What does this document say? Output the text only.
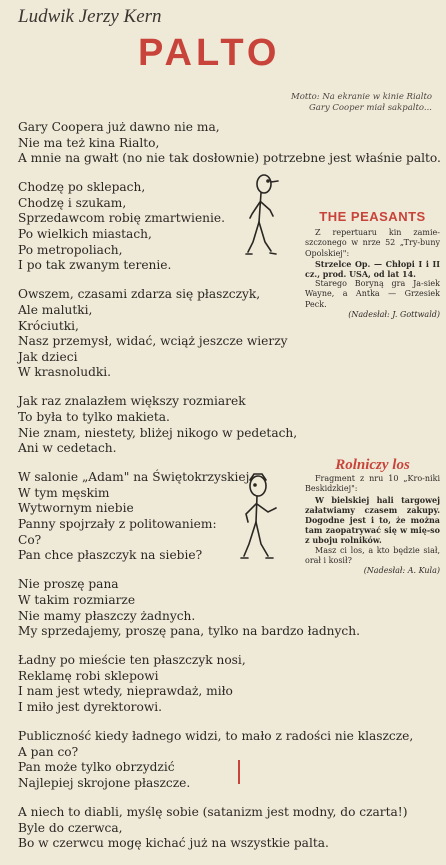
Ludwik Jerzy Kern
PALTO
Motto: Na ekranie w kinie Rialto
Gary Cooper miał sakpalto...
Gary Coopera już dawno nie ma,
Nie ma też kina Rialto,
A mnie na gwałt (no nie tak dosłownie) potrzebne jest właśnie palto.
Chodzę po sklepach,
Chodzę i szukam,
Sprzedawcom robię zmartwienie.
Po wielkich miastach,
Po metropoliach,
I po tak zwanym terenie.
Owszem, czasami zdarza się płaszczyk,
Ale malutki,
Króciutki,
Nasz przemysł, widać, wciąż jeszcze wierzy
Jak dzieci
W krasnoludki.
Jak raz znalazłem większy rozmiarek
To była to tylko makieta.
Nie znam, niestety, bliżej nikogo w pedetach,
Ani w cedetach.
W salonie „Adam" na Świętokrzyskiej
W tym męskim
Wytwornym niebie
Panny spojrzały z politowaniem:
Co?
Pan chce płaszczyk na siebie?
Nie proszę pana
W takim rozmiarze
Nie mamy płaszczy żadnych.
My sprzedajemy, proszę pana, tylko na bardzo ładnych.
Ładny po mieście ten płaszczyk nosi,
Reklamę robi sklepowi
I nam jest wtedy, nieprawdaż, miło
I miło jest dyrektorowi.
Publiczność kiedy ładnego widzi, to mało z radości nie klaszcze,
A pan co?
Pan może tylko obrzydzić
Najlepiej skrojone płaszcze.
A niech to diabli, myślę sobie (satanizm jest modny, do czarta!)
Byle do czerwca,
Bo w czerwcu mogę kichać już na wszystkie palta.
THE PEASANTS

Z repertuaru kin zamie-szczonego w nrze 52 „Try-buny Opolskiej":

Strzelce Op. — Chłopi I i II cz., prod. USA, od lat 14.

Starego Boryną gra Ja-siek Wayne, a Antka — Grzesiek Peck.

(Nadesłał: J. Gottwald)

Rolniczy los

Fragment z nru 10 „Kro-niki Beskidzkiej":

W bielskiej hali targowej załatwiamy czasem zakupy. Dogodne jest i to, że można tam zaopatrywać się w mię-so z uboju rolników.

Masz ci los, a kto będzie siał, orał i kosił?

(Nadesłał: A. Kula)
